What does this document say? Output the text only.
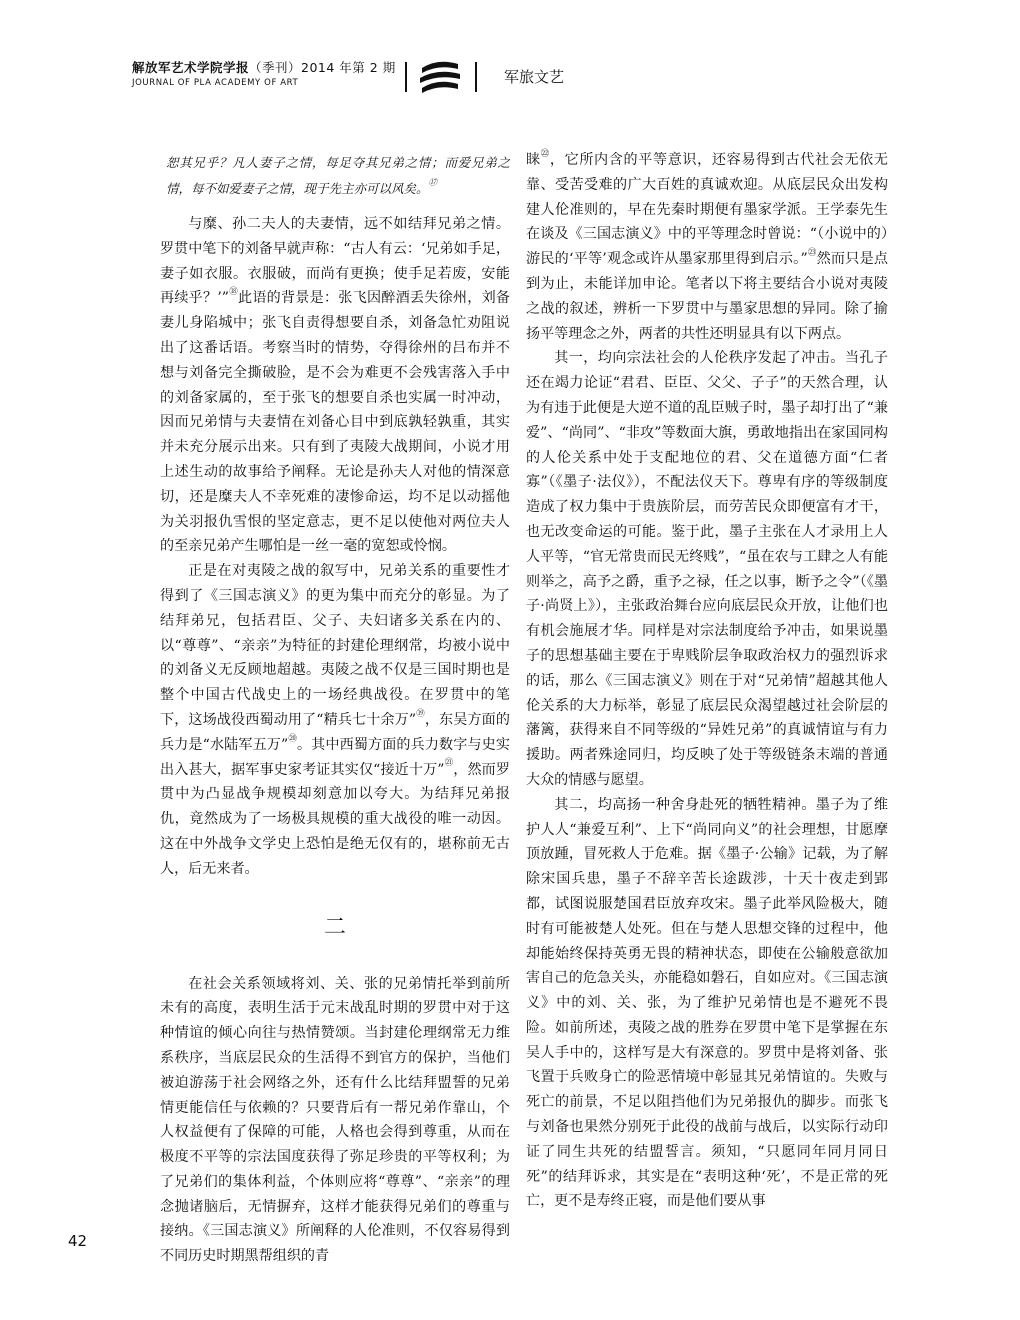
解放军艺术学院学报（季刊）2014 年第 2 期
JOURNAL OF PLA ACADEMY OF ART	军旅文艺
恕其兄乎？凡人妻子之情，每足夺其兄弟之情；而爱兄弟之情，每不如爱妻子之情，现于先主亦可以风矣。⑰

与糜、孙二夫人的夫妻情，远不如结拜兄弟之情。罗贯中笔下的刘备早就声称：“古人有云：‘兄弟如手足，妻子如衣服。衣服破，而尚有更换；使手足若废，安能再续乎？’”⑱此语的背景是：张飞因醉酒丢失徐州，刘备妻儿身陷城中；张飞自责得想要自杀，刘备急忙劝阻说出了这番话语。考察当时的情势，夺得徐州的吕布并不想与刘备完全撕破脸，是不会为难更不会残害落入手中的刘备家属的，至于张飞的想要自杀也实属一时冲动，因而兄弟情与夫妻情在刘备心目中到底孰轻孰重，其实并未充分展示出来。只有到了夷陵大战期间，小说才用上述生动的故事给予阐释。无论是孙夫人对他的情深意切，还是糜夫人不幸死难的凄惨命运，均不足以动摇他为关羽报仇雪恨的坚定意志，更不足以使他对两位夫人的至亲兄弟产生哪怕是一丝一毫的宽恕或怜悯。

正是在对夷陵之战的叙写中，兄弟关系的重要性才得到了《三国志演义》的更为集中而充分的彰显。为了结拜弟兄，包括君臣、父子、夫妇诸多关系在内的、以“尊尊”、“亲亲”为特征的封建伦理纲常，均被小说中的刘备义无反顾地超越。夷陵之战不仅是三国时期也是整个中国古代战史上的一场经典战役。在罗贯中的笔下，这场战役西蜀动用了“精兵七十余万”⑲，东吴方面的兵力是“水陆军五万”⑳。其中西蜀方面的兵力数字与史实出入甚大，据军事史家考证其实仅“接近十万”$^㉑$，然而罗贯中为凸显战争规模却刻意加以夸大。为结拜兄弟报仇，竟然成为了一场极具规模的重大战役的唯一动因。这在中外战争文学史上恐怕是绝无仅有的，堪称前无古人，后无来者。

二

在社会关系领域将刘、关、张的兄弟情托举到前所未有的高度，表明生活于元末战乱时期的罗贯中对于这种情谊的倾心向往与热情赞颂。当封建伦理纲常无力维系秩序，当底层民众的生活得不到官方的保护，当他们被迫游荡于社会网络之外，还有什么比结拜盟誓的兄弟情更能信任与依赖的？只要背后有一帮兄弟作靠山，个人权益便有了保障的可能，人格也会得到尊重，从而在极度不平等的宗法国度获得了弥足珍贵的平等权利；为了兄弟们的集体利益，个体则应将“尊尊”、“亲亲”的理念抛诸脑后，无情摒弃，这样才能获得兄弟们的尊重与接纳。《三国志演义》所阐释的人伦准则，不仅容易得到不同历史时期黑帮组织的青

睐$^㉒$，它所内含的平等意识，还容易得到古代社会无依无靠、受苦受难的广大百姓的真诚欢迎。从底层民众出发构建人伦准则的，早在先秦时期便有墨家学派。王学泰先生在谈及《三国志演义》中的平等理念时曾说：“（小说中的）游民的‘平等’观念或许从墨家那里得到启示。”$^㉓$然而只是点到为止，未能详加申论。笔者以下将主要结合小说对夷陵之战的叙述，辨析一下罗贯中与墨家思想的异同。除了揄扬平等理念之外，两者的共性还明显具有以下两点。

其一，均向宗法社会的人伦秩序发起了冲击。当孔子还在竭力论证“君君、臣臣、父父、子子”的天然合理，认为有违于此便是大逆不道的乱臣贼子时，墨子却打出了“兼爱”、“尚同”、“非攻”等数面大旗，勇敢地指出在家国同构的人伦关系中处于支配地位的君、父在道德方面“仁者寡”（《墨子·法仪》），不配法仪天下。尊卑有序的等级制度造成了权力集中于贵族阶层，而劳苦民众即便富有才干，也无改变命运的可能。鉴于此，墨子主张在人才录用上人人平等，“官无常贵而民无终贱”，“虽在农与工肆之人有能则举之，高予之爵，重予之禄，任之以事，断予之令”（《墨子·尚贤上》），主张政治舞台应向底层民众开放，让他们也有机会施展才华。同样是对宗法制度给予冲击，如果说墨子的思想基础主要在于卑贱阶层争取政治权力的强烈诉求的话，那么《三国志演义》则在于对“兄弟情”超越其他人伦关系的大力标举，彰显了底层民众渴望越过社会阶层的藩篱，获得来自不同等级的“异姓兄弟”的真诚情谊与有力援助。两者殊途同归，均反映了处于等级链条末端的普通大众的情感与愿望。

其二，均高扬一种舍身赴死的牺牲精神。墨子为了维护人人“兼爱互利”、上下“尚同向义”的社会理想，甘愿摩顶放踵，冒死救人于危难。据《墨子·公输》记载，为了解除宋国兵患，墨子不辞辛苦长途跋涉，十天十夜走到郢都，试图说服楚国君臣放弃攻宋。墨子此举风险极大，随时有可能被楚人处死。但在与楚人思想交锋的过程中，他却能始终保持英勇无畏的精神状态，即使在公输般意欲加害自己的危急关头，亦能稳如磐石，自如应对。《三国志演义》中的刘、关、张，为了维护兄弟情也是不避死不畏险。如前所述，夷陵之战的胜券在罗贯中笔下是掌握在东吴人手中的，这样写是大有深意的。罗贯中是将刘备、张飞置于兵败身亡的险恶情境中彰显其兄弟情谊的。失败与死亡的前景，不足以阻挡他们为兄弟报仇的脚步。而张飞与刘备也果然分别死于此役的战前与战后，以实际行动印证了同生共死的结盟誓言。须知，“只愿同年同月同日死”的结拜诉求，其实是在“表明这种‘死’，不是正常的死亡，更不是寿终正寝，而是他们要从事

42
